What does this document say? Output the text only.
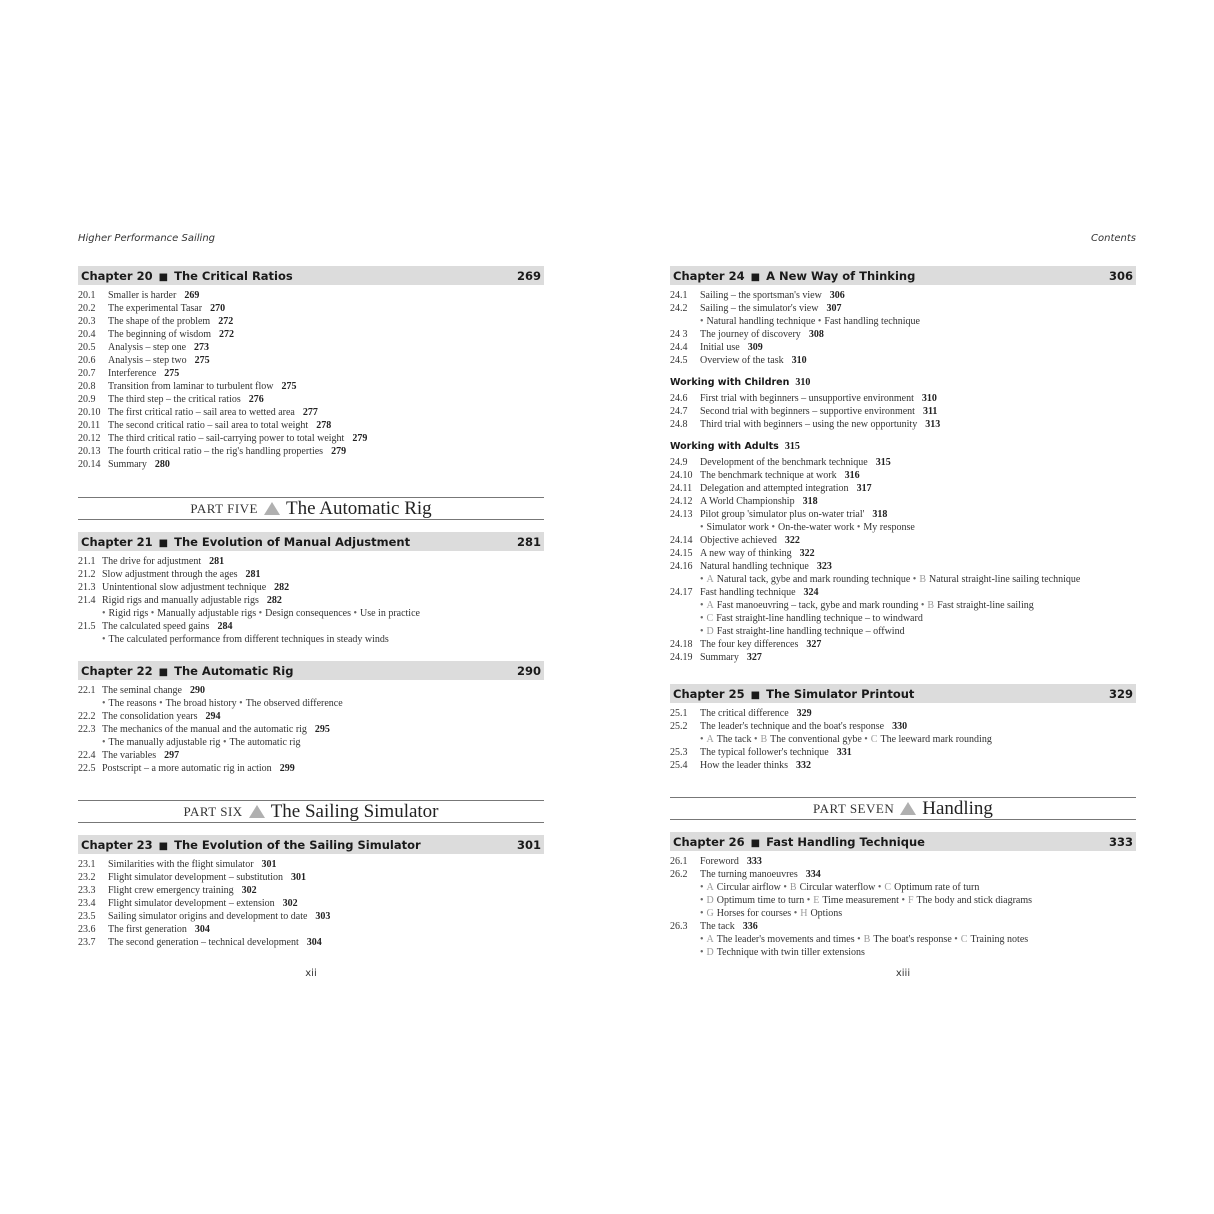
Higher Performance Sailing
Chapter 20 ■ The Critical Ratios	269
20.1	Smaller is harder 269
20.2	The experimental Tasar 270
20.3	The shape of the problem 272
20.4	The beginning of wisdom 272
20.5	Analysis – step one 273
20.6	Analysis – step two 275
20.7	Interference 275
20.8	Transition from laminar to turbulent flow 275
20.9	The third step – the critical ratios 276
20.10 The first critical ratio – sail area to wetted area 277
20.11 The second critical ratio – sail area to total weight 278
20.12 The third critical ratio – sail-carrying power to total weight 279
20.13 The fourth critical ratio – the rig's handling properties 279
20.14 Summary 280
PART FIVE The Automatic Rig
Chapter 21 ■ The Evolution of Manual Adjustment	281
21.1 The drive for adjustment 281
21.2 Slow adjustment through the ages 281
21.3 Unintentional slow adjustment technique 282
21.4 Rigid rigs and manually adjustable rigs 282
• Rigid rigs • Manually adjustable rigs • Design consequences • Use in practice
21.5 The calculated speed gains 284
• The calculated performance from different techniques in steady winds
Chapter 22 ■ The Automatic Rig	290
22.1 The seminal change 290
• The reasons • The broad history • The observed difference
22.2 The consolidation years 294
22.3 The mechanics of the manual and the automatic rig 295
• The manually adjustable rig • The automatic rig
22.4 The variables 297
22.5 Postscript – a more automatic rig in action 299
PART SIX The Sailing Simulator
Chapter 23 ■ The Evolution of the Sailing Simulator	301
23.1	Similarities with the flight simulator 301
23.2	Flight simulator development – substitution 301
23.3	Flight crew emergency training 302
23.4	Flight simulator development – extension 302
23.5	Sailing simulator origins and development to date 303
23.6	The first generation 304
23.7	The second generation – technical development 304
xii
Contents
Chapter 24 ■ A New Way of Thinking	306
24.1	Sailing – the sportsman's view 306
24.2	Sailing – the simulator's view 307
• Natural handling technique • Fast handling technique
24 3	The journey of discovery 308
24.4	Initial use 309
24.5	Overview of the task 310
Working with Children 310
24.6	First trial with beginners – unsupportive environment 310
24.7	Second trial with beginners – supportive environment 311
24.8	Third trial with beginners – using the new opportunity 313
Working with Adults 315
24.9	Development of the benchmark technique 315
24.10 The benchmark technique at work 316
24.11 Delegation and attempted integration 317
24.12 A World Championship 318
24.13 Pilot group 'simulator plus on-water trial' 318
• Simulator work • On-the-water work • My response
24.14 Objective achieved 322
24.15 A new way of thinking 322
24.16 Natural handling technique 323
• A Natural tack, gybe and mark rounding technique • B Natural straight-line sailing technique
24.17 Fast handling technique 324
• A Fast manoeuvring – tack, gybe and mark rounding • B Fast straight-line sailing
• C Fast straight-line handling technique – to windward
• D Fast straight-line handling technique – offwind
24.18 The four key differences 327
24.19 Summary 327
Chapter 25 ■ The Simulator Printout	329
25.1	The critical difference 329
25.2	The leader's technique and the boat's response 330
• A The tack • B The conventional gybe • C The leeward mark rounding
25.3	The typical follower's technique 331
25.4	How the leader thinks 332
PART SEVEN Handling
Chapter 26 ■ Fast Handling Technique	333
26.1	Foreword 333
26.2	The turning manoeuvres 334
• A Circular airflow • B Circular waterflow • C Optimum rate of turn
• D Optimum time to turn • E Time measurement • F The body and stick diagrams
• G Horses for courses • H Options
26.3	The tack 336
• A The leader's movements and times • B The boat's response • C Training notes
• D Technique with twin tiller extensions
xiii
